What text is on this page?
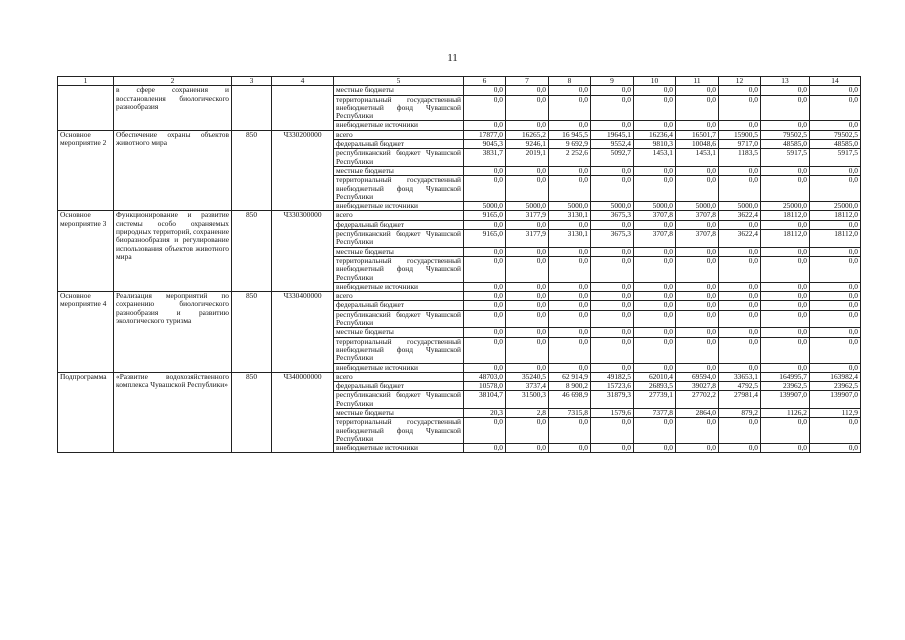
11
1	2	3	4	5	6	7	8	9	10	11	12	13	14
	в сфере сохранения и восстановления биологического разнообразия			местные бюджеты	0,0	0,0	0,0	0,0	0,0	0,0	0,0	0,0	0,0
				территориальный государственный внебюджетный фонд Чувашской Республики	0,0	0,0	0,0	0,0	0,0	0,0	0,0	0,0	0,0
				внебюджетные источники	0,0	0,0	0,0	0,0	0,0	0,0	0,0	0,0	0,0
Основное мероприятие 2	Обеспечение охраны объектов животного мира	850	Ч330200000	всего	17877,0	16265,2	16 945,5	19645,1	16236,4	16501,7	15900,5	79502,5	79502,5
				федеральный бюджет	9045,3	9246,1	9 692,9	9552,4	9810,3	10048,6	9717,0	48585,0	48585,0
				республиканский бюджет Чувашской Республики	3831,7	2019,1	2 252,6	5092,7	1453,1	1453,1	1183,5	5917,5	5917,5
				местные бюджеты	0,0	0,0	0,0	0,0	0,0	0,0	0,0	0,0	0,0
				территориальный государственный внебюджетный фонд Чувашской Республики	0,0	0,0	0,0	0,0	0,0	0,0	0,0	0,0	0,0
				внебюджетные источники	5000,0	5000,0	5000,0	5000,0	5000,0	5000,0	5000,0	25000,0	25000,0
Основное мероприятие 3	Функционирование и развитие системы особо охраняемых природных территорий, сохранение биоразнообразия и регулирование использования объектов животного мира	850	Ч330300000	всего	9165,0	3177,9	3130,1	3675,3	3707,8	3707,8	3622,4	18112,0	18112,0
				федеральный бюджет	0,0	0,0	0,0	0,0	0,0	0,0	0,0	0,0	0,0
				республиканский бюджет Чувашской Республики	9165,0	3177,9	3130,1	3675,3	3707,8	3707,8	3622,4	18112,0	18112,0
				местные бюджеты	0,0	0,0	0,0	0,0	0,0	0,0	0,0	0,0	0,0
				территориальный государственный внебюджетный фонд Чувашской Республики	0,0	0,0	0,0	0,0	0,0	0,0	0,0	0,0	0,0
				внебюджетные источники	0,0	0,0	0,0	0,0	0,0	0,0	0,0	0,0	0,0
Основное мероприятие 4	Реализация мероприятий по сохранению биологического разнообразия и развитию экологического туризма	850	Ч330400000	всего	0,0	0,0	0,0	0,0	0,0	0,0	0,0	0,0	0,0
				федеральный бюджет	0,0	0,0	0,0	0,0	0,0	0,0	0,0	0,0	0,0
				республиканский бюджет Чувашской Республики	0,0	0,0	0,0	0,0	0,0	0,0	0,0	0,0	0,0
				местные бюджеты	0,0	0,0	0,0	0,0	0,0	0,0	0,0	0,0	0,0
				территориальный государственный внебюджетный фонд Чувашской Республики	0,0	0,0	0,0	0,0	0,0	0,0	0,0	0,0	0,0
				внебюджетные источники	0,0	0,0	0,0	0,0	0,0	0,0	0,0	0,0	0,0
Подпрограмма	«Развитие водохозяйственного комплекса Чувашской Республики»	850	Ч340000000	всего	48703,0	35240,5	62 914,9	49182,5	62010,4	69594,0	33653,1	164995,7	163982,4
				федеральный бюджет	10578,0	3737,4	8 900,2	15723,6	26893,5	39027,8	4792,5	23962,5	23962,5
				республиканский бюджет Чувашской Республики	38104,7	31500,3	46 698,9	31879,3	27739,1	27702,2	27981,4	139907,0	139907,0
				местные бюджеты	20,3	2,8	7315,8	1579,6	7377,8	2864,0	879,2	1126,2	112,9
				территориальный государственный внебюджетный фонд Чувашской Республики	0,0	0,0	0,0	0,0	0,0	0,0	0,0	0,0	0,0
				внебюджетные источники	0,0	0,0	0,0	0,0	0,0	0,0	0,0	0,0	0,0
